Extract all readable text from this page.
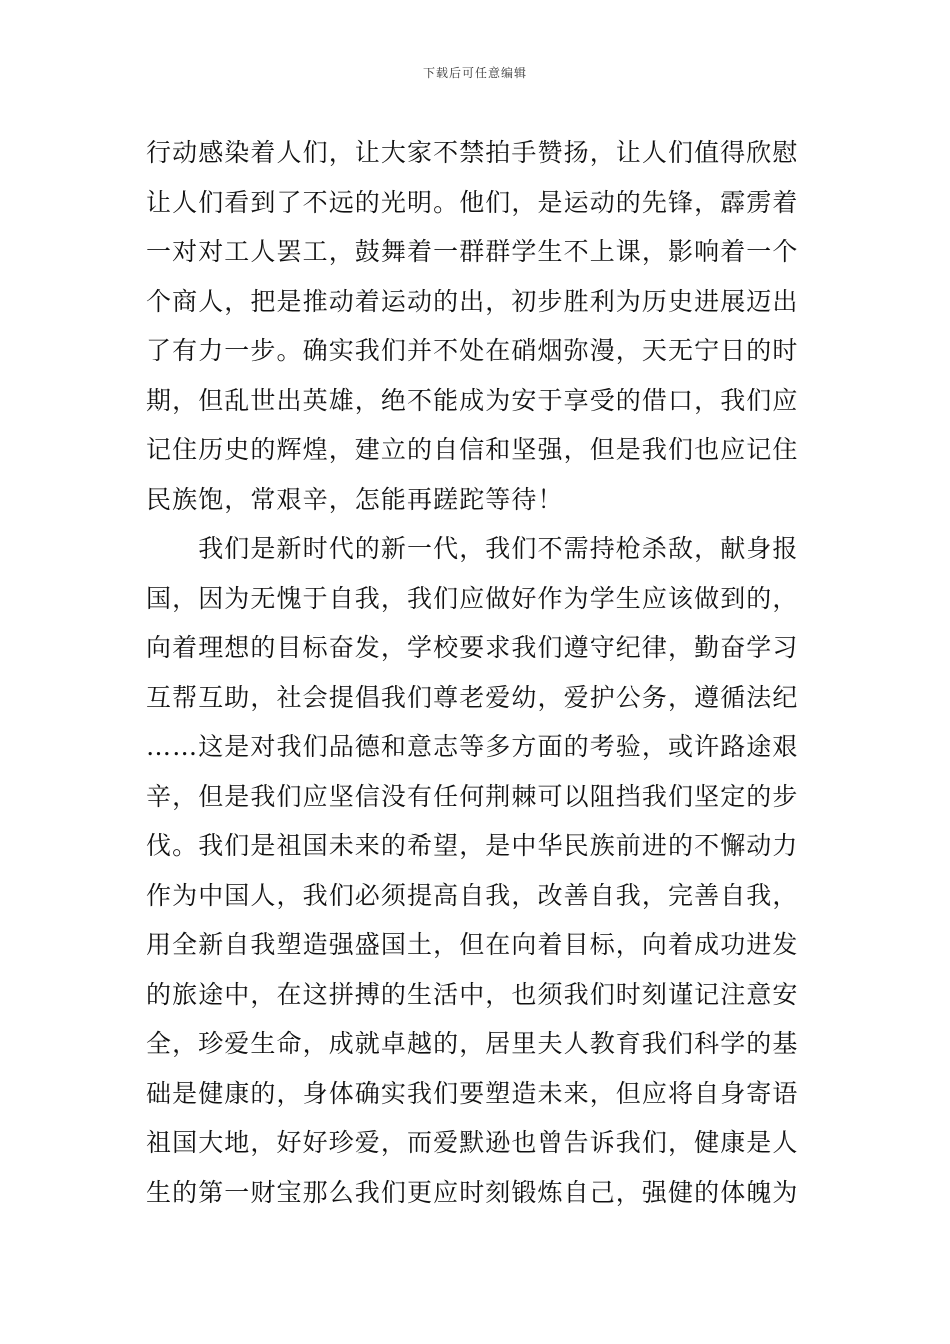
下载后可任意编辑
行动感染着人们，让大家不禁拍手赞扬，让人们值得欣慰
让人们看到了不远的光明。他们，是运动的先锋，霹雳着
一对对工人罢工，鼓舞着一群群学生不上课，影响着一个
个商人，把是推动着运动的出，初步胜利为历史进展迈出
了有力一步。确实我们并不处在硝烟弥漫，天无宁日的时
期，但乱世出英雄，绝不能成为安于享受的借口，我们应
记住历史的辉煌，建立的自信和坚强，但是我们也应记住
民族饱，常艰辛，怎能再蹉跎等待！
　　我们是新时代的新一代，我们不需持枪杀敌，献身报
国，因为无愧于自我，我们应做好作为学生应该做到的，
向着理想的目标奋发，学校要求我们遵守纪律，勤奋学习
互帮互助，社会提倡我们尊老爱幼，爱护公务，遵循法纪
……这是对我们品德和意志等多方面的考验，或许路途艰
辛，但是我们应坚信没有任何荆棘可以阻挡我们坚定的步
伐。我们是祖国未来的希望，是中华民族前进的不懈动力
作为中国人，我们必须提高自我，改善自我，完善自我，
用全新自我塑造强盛国土，但在向着目标，向着成功进发
的旅途中，在这拼搏的生活中，也须我们时刻谨记注意安
全，珍爱生命，成就卓越的，居里夫人教育我们科学的基
础是健康的，身体确实我们要塑造未来，但应将自身寄语
祖国大地，好好珍爱，而爱默逊也曾告诉我们，健康是人
生的第一财宝那么我们更应时刻锻炼自己，强健的体魄为
